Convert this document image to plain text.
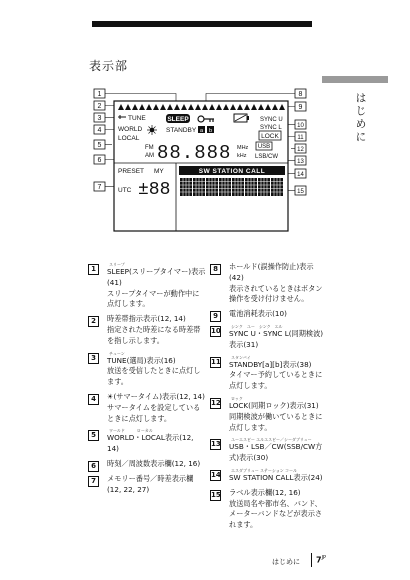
表示部
はじめに
1
2
3
4
5
6
7
8
9
10
11
12
13
14
15
TUNE	SLEEP	SYNC U
SYNC L
WORLD
LOCAL
STANDBY a b
LOCK
FM
AM 88.888 MHz
kHz
USB
LSB/CW
PRESET MY
UTC ±88
SW STATION CALL
1
スリープ
SLEEP(スリープタイマー)表示(41)
スリープタイマーが動作中に点灯します。
2	時差帯指示表示(12, 14)
指定された時差になる時差帯を指し示します。
3
チューン
TUNE(選局)表示(16)
放送を受信したときに点灯します。
4	☀(サマータイム)表示(12, 14)
サマータイムを設定しているときに点灯します。
5
ワールド　　　ローカル
WORLD・LOCAL表示(12, 14)
6	時刻／周波数表示欄(12, 16)
7	メモリー番号／時差表示欄(12, 22, 27)
8	ホールド(誤操作防止)表示(42)
表示されているときはボタン操作を受け付けません。
9	電池消耗表示(10)
10
シンク　ユー　シンク　エル
SYNC U・SYNC L(同期検波)表示(31)
11
スタンバイ
STANDBY[a][b]表示(38)
タイマー予約しているときに点灯します。
12
ロック
LOCK(同期ロック)表示(31)
同期検波が働いているときに点灯します。
13
ユーエスビー エルエスビー／シーダブリュー
USB・LSB／CW(SSB/CW方式)表示(30)
14
エスダブリュー ステーション コール
SW STATION CALL表示(24)
15 ラベル表示欄(12, 16)
放送局名や都市名、バンド、メーターバンドなどが表示されます。
はじめに $7^{JP}$
